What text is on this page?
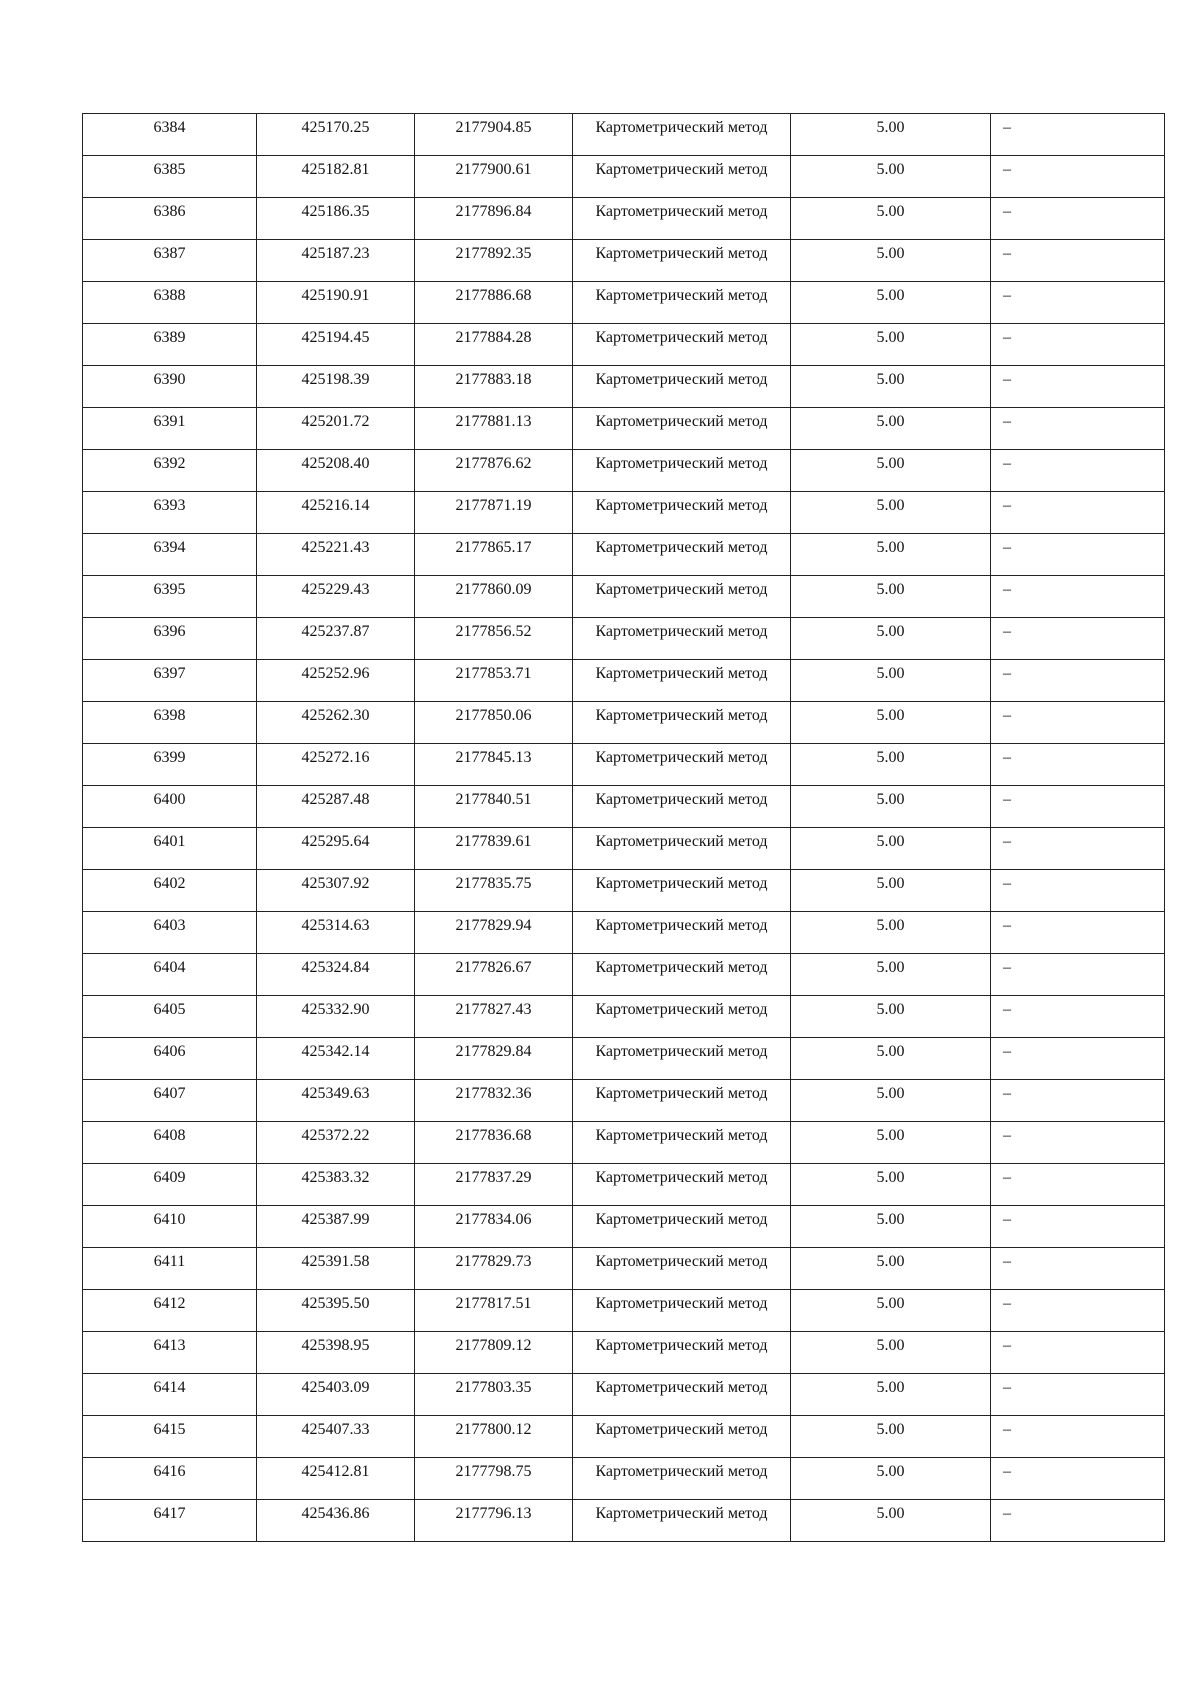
6384	425170.25	2177904.85	Картометрический метод	5.00	–

6385	425182.81	2177900.61	Картометрический метод	5.00	–

6386	425186.35	2177896.84	Картометрический метод	5.00	–

6387	425187.23	2177892.35	Картометрический метод	5.00	–

6388	425190.91	2177886.68	Картометрический метод	5.00	–

6389	425194.45	2177884.28	Картометрический метод	5.00	–

6390	425198.39	2177883.18	Картометрический метод	5.00	–

6391	425201.72	2177881.13	Картометрический метод	5.00	–

6392	425208.40	2177876.62	Картометрический метод	5.00	–

6393	425216.14	2177871.19	Картометрический метод	5.00	–

6394	425221.43	2177865.17	Картометрический метод	5.00	–

6395	425229.43	2177860.09	Картометрический метод	5.00	–

6396	425237.87	2177856.52	Картометрический метод	5.00	–

6397	425252.96	2177853.71	Картометрический метод	5.00	–

6398	425262.30	2177850.06	Картометрический метод	5.00	–

6399	425272.16	2177845.13	Картометрический метод	5.00	–

6400	425287.48	2177840.51	Картометрический метод	5.00	–

6401	425295.64	2177839.61	Картометрический метод	5.00	–

6402	425307.92	2177835.75	Картометрический метод	5.00	–

6403	425314.63	2177829.94	Картометрический метод	5.00	–

6404	425324.84	2177826.67	Картометрический метод	5.00	–

6405	425332.90	2177827.43	Картометрический метод	5.00	–

6406	425342.14	2177829.84	Картометрический метод	5.00	–

6407	425349.63	2177832.36	Картометрический метод	5.00	–

6408	425372.22	2177836.68	Картометрический метод	5.00	–

6409	425383.32	2177837.29	Картометрический метод	5.00	–

6410	425387.99	2177834.06	Картометрический метод	5.00	–

6411	425391.58	2177829.73	Картометрический метод	5.00	–

6412	425395.50	2177817.51	Картометрический метод	5.00	–

6413	425398.95	2177809.12	Картометрический метод	5.00	–

6414	425403.09	2177803.35	Картометрический метод	5.00	–

6415	425407.33	2177800.12	Картометрический метод	5.00	–

6416	425412.81	2177798.75	Картометрический метод	5.00	–

6417	425436.86	2177796.13	Картометрический метод	5.00	–
